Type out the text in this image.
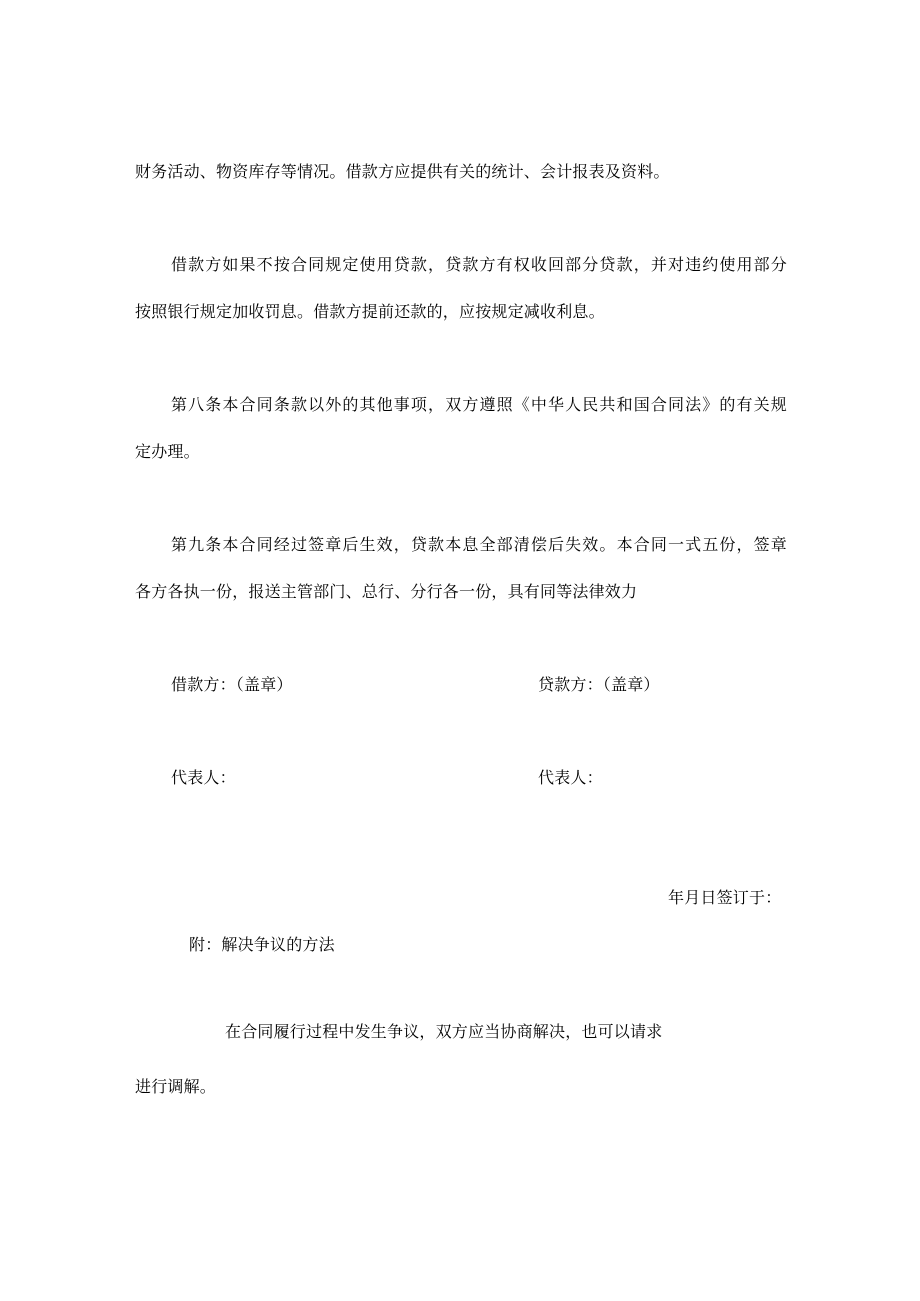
财务活动、物资库存等情况。借款方应提供有关的统计、会计报表及资料。
借款方如果不按合同规定使用贷款，贷款方有权收回部分贷款，并对违约使用部分
按照银行规定加收罚息。借款方提前还款的，应按规定减收利息。
第八条本合同条款以外的其他事项，双方遵照《中华人民共和国合同法》的有关规
定办理。
第九条本合同经过签章后生效，贷款本息全部清偿后失效。本合同一式五份，签章
各方各执一份，报送主管部门、总行、分行各一份，具有同等法律效力
借款方：（盖章）	贷款方：（盖章）
代表人：	代表人：
年月日签订于：
附：解决争议的方法
在合同履行过程中发生争议，双方应当协商解决，也可以请求
进行调解。
